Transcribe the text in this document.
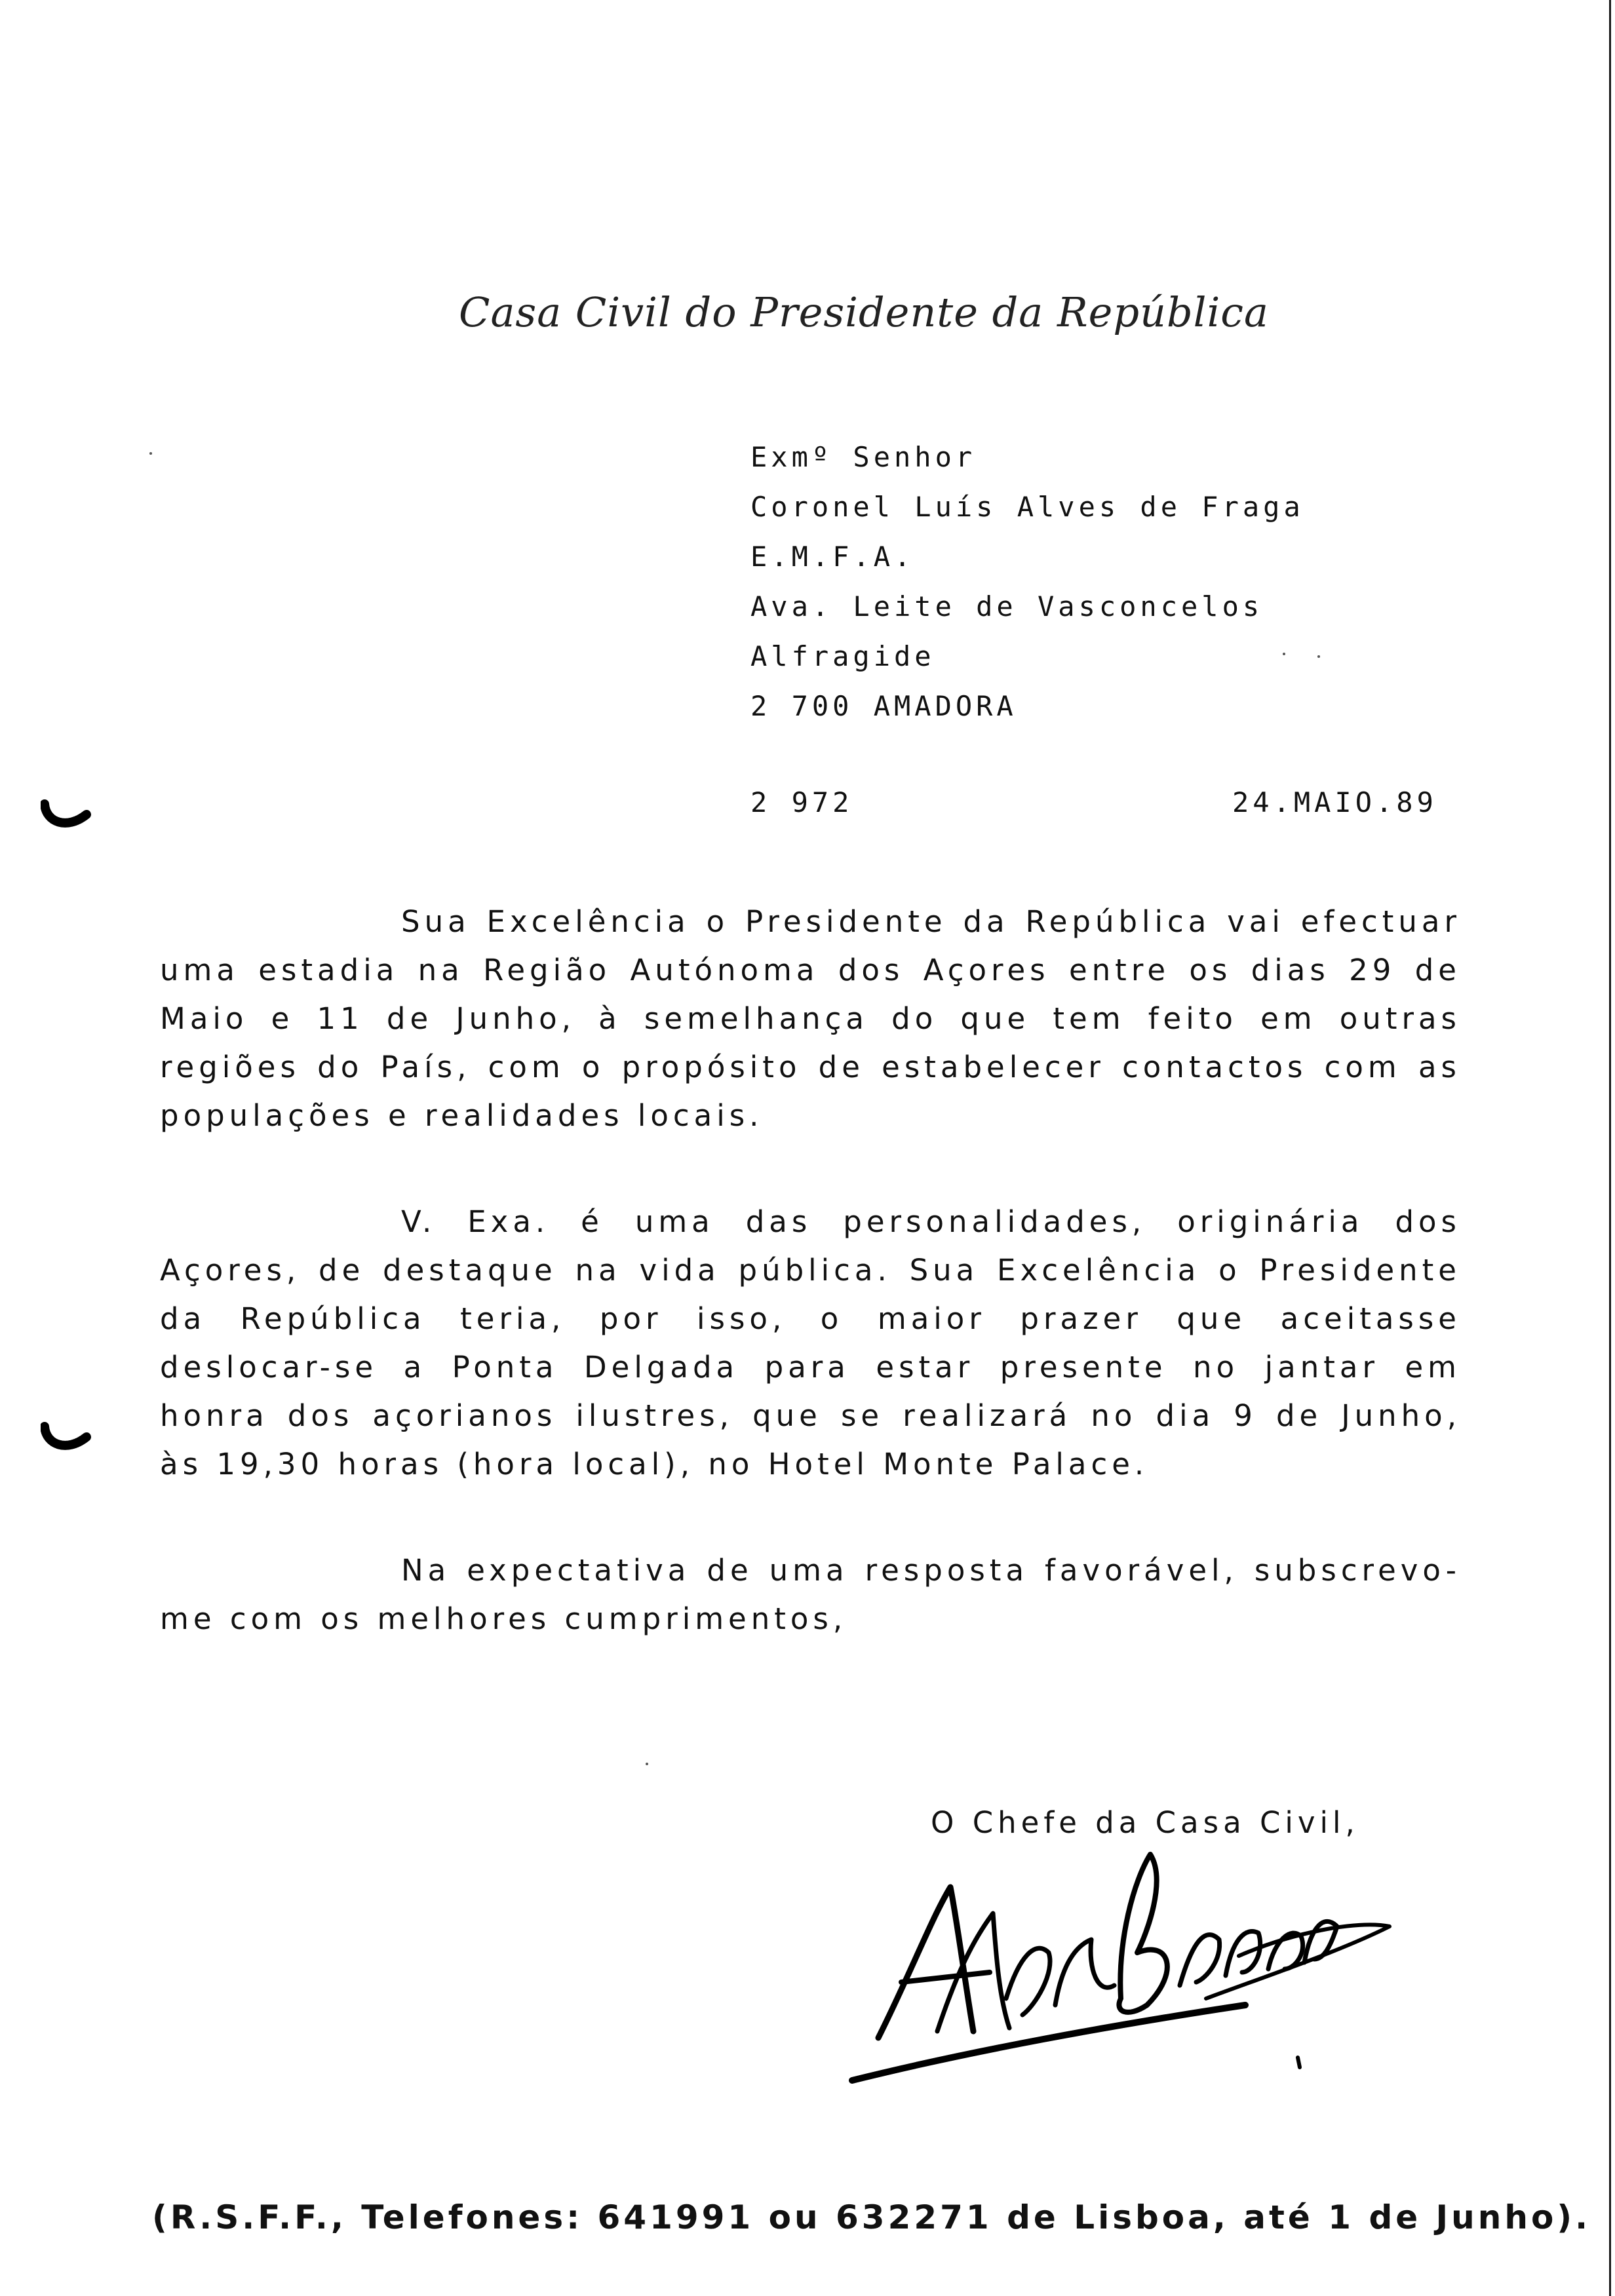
Casa Civil do Presidente da República
Exmº Senhor
Coronel Luís Alves de Fraga
E.M.F.A.
Ava. Leite de Vasconcelos
Alfragide
2 700 AMADORA
2 972	24.MAIO.89
Sua Excelência o Presidente da República vai efectuar uma estadia na Região Autónoma dos Açores entre os dias 29 de Maio e 11 de Junho, à semelhança do que tem feito em outras regiões do País, com o propósito de estabelecer contactos com as populações e realidades locais.
V. Exa. é uma das personalidades, originária dos Açores, de destaque na vida pública. Sua Excelência o Presidente da República teria, por isso, o maior prazer que aceitasse deslocar-se a Ponta Delgada para estar presente no jantar em honra dos açorianos ilustres, que se realizará no dia 9 de Junho, às 19,30 horas (hora local), no Hotel Monte Palace.
Na expectativa de uma resposta favorável, subscrevo-me com os melhores cumprimentos,
O Chefe da Casa Civil,
(R.S.F.F., Telefones: 641991 ou 632271 de Lisboa, até 1 de Junho).
